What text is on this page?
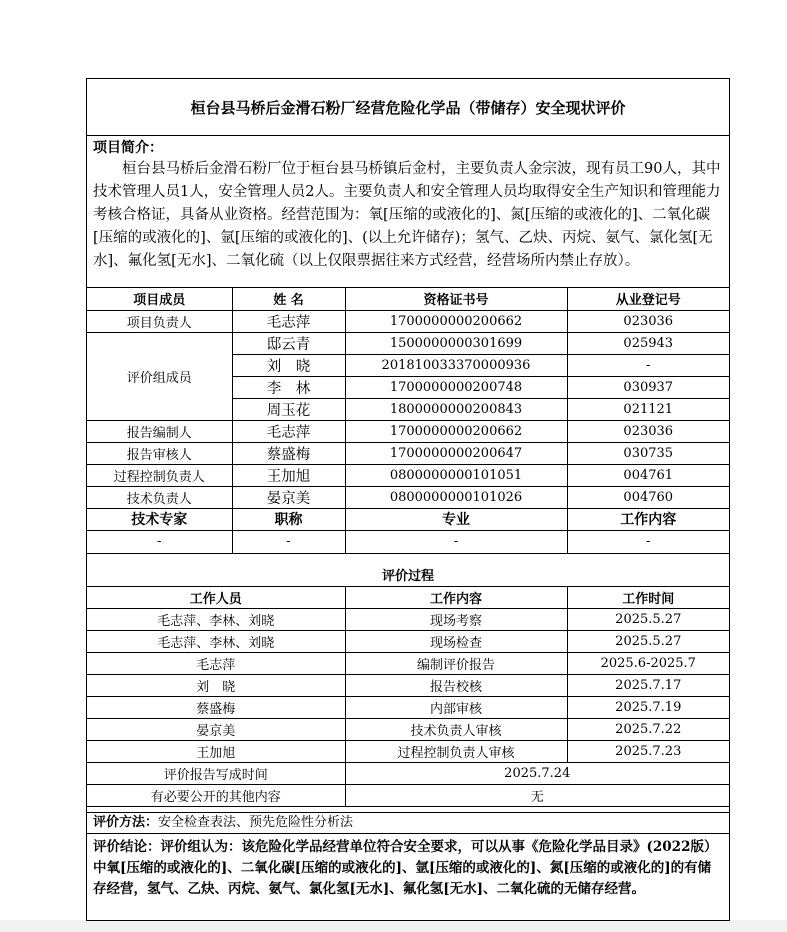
桓台县马桥后金滑石粉厂经营危险化学品（带储存）安全现状评价
项目简介：
桓台县马桥后金滑石粉厂位于桓台县马桥镇后金村，主要负责人金宗波，现有员工90人，其中技术管理人员1人，安全管理人员2人。主要负责人和安全管理人员均取得安全生产知识和管理能力考核合格证，具备从业资格。经营范围为：氧[压缩的或液化的]、氮[压缩的或液化的]、二氧化碳[压缩的或液化的]、氩[压缩的或液化的]、(以上允许储存)；氢气、乙炔、丙烷、氨气、氯化氢[无水]、氟化氢[无水]、二氧化硫（以上仅限票据往来方式经营，经营场所内禁止存放）。
项目成员	姓 名	资格证书号	从业登记号
项目负责人	毛志萍	1700000000200662	023036
评价组成员	邸云青	1500000000301699	025943
	刘　晓	201810033370000936	-
	李　林	1700000000200748	030937
	周玉花	1800000000200843	021121
报告编制人	毛志萍	1700000000200662	023036
报告审核人	蔡盛梅	1700000000200647	030735
过程控制负责人	王加旭	0800000000101051	004761
技术负责人	晏京美	0800000000101026	004760
技术专家	职称	专业	工作内容
-	-	-	-
评价过程		
工作人员	工作内容	工作时间
毛志萍、李林、刘晓	现场考察	2025.5.27
毛志萍、李林、刘晓	现场检查	2025.5.27
毛志萍	编制评价报告	2025.6-2025.7
刘　晓	报告校核	2025.7.17
蔡盛梅	内部审核	2025.7.19
晏京美	技术负责人审核	2025.7.22
王加旭	过程控制负责人审核	2025.7.23
评价报告写成时间	2025.7.24	
有必要公开的其他内容	无	
评价方法：安全检查表法、预先危险性分析法
评价结论：评价组认为：该危险化学品经营单位符合安全要求，可以从事《危险化学品目录》(2022版）中氧[压缩的或液化的]、二氧化碳[压缩的或液化的]、氩[压缩的或液化的]、氮[压缩的或液化的]的有储存经营，氢气、乙炔、丙烷、氨气、氯化氢[无水]、氟化氢[无水]、二氧化硫的无储存经营。
